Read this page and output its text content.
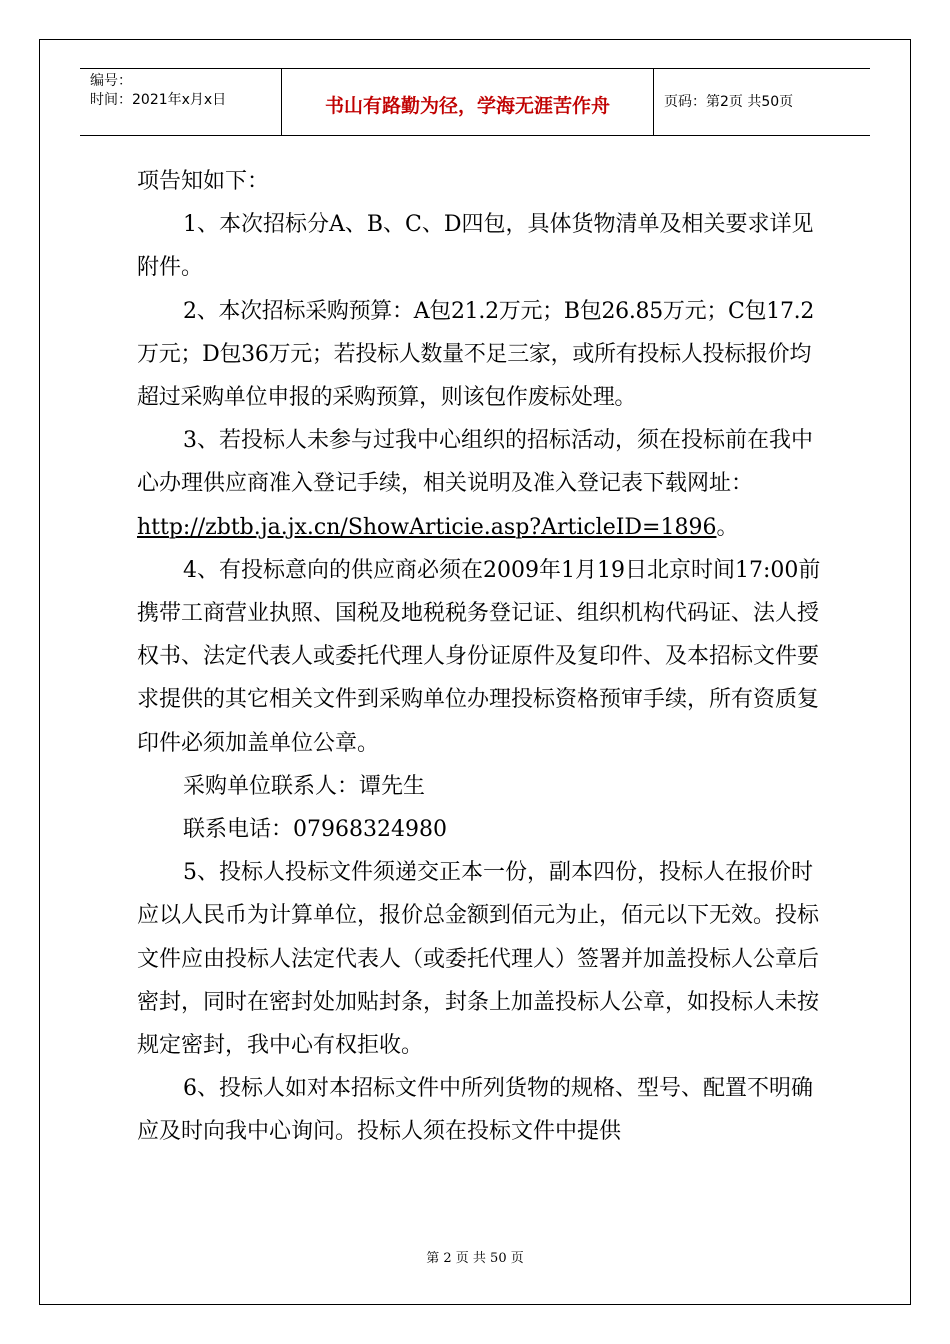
编号：
时间：2021年x月x日	书山有路勤为径，学海无涯苦作舟	页码：第2页 共50页

项告知如下：

1、本次招标分A、B、C、D四包，具体货物清单及相关要求详见附件。

2、本次招标采购预算：A包21.2万元；B包26.85万元；C包17.2万元；D包36万元；若投标人数量不足三家，或所有投标人投标报价均超过采购单位申报的采购预算，则该包作废标处理。

3、若投标人未参与过我中心组织的招标活动，须在投标前在我中心办理供应商准入登记手续，相关说明及准入登记表下载网址：http://zbtb.ja.jx.cn/ShowArticie.asp?ArticleID=1896。

4、有投标意向的供应商必须在2009年1月19日北京时间17:00前携带工商营业执照、国税及地税税务登记证、组织机构代码证、法人授权书、法定代表人或委托代理人身份证原件及复印件、及本招标文件要求提供的其它相关文件到采购单位办理投标资格预审手续，所有资质复印件必须加盖单位公章。

采购单位联系人：谭先生

联系电话：07968324980

5、投标人投标文件须递交正本一份，副本四份，投标人在报价时应以人民币为计算单位，报价总金额到佰元为止，佰元以下无效。投标文件应由投标人法定代表人（或委托代理人）签署并加盖投标人公章后密封，同时在密封处加贴封条，封条上加盖投标人公章，如投标人未按规定密封，我中心有权拒收。

6、投标人如对本招标文件中所列货物的规格、型号、配置不明确应及时向我中心询问。投标人须在投标文件中提供

第 2 页 共 50 页
